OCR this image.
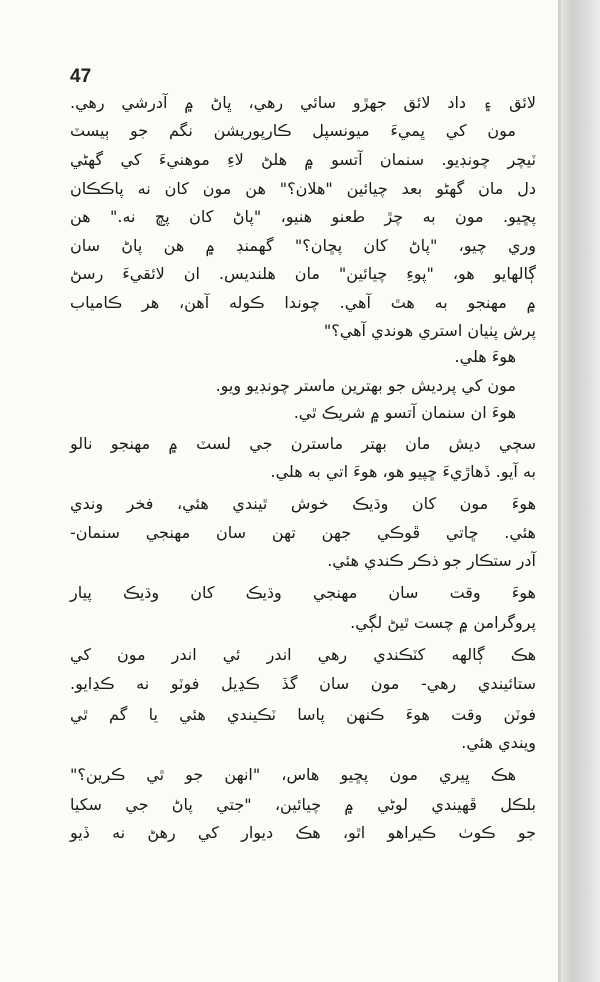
47
لائق ۽ داد لائق جهڙو سائي رهي، ڀاڻ ۾ آدرشي رهي.
مون کي ڀميءَ ميونسپل ڪارپوريشن نگم جو ٻيسٽ
ٽيچر چونڊيو. سنمان آتسو ۾ هلڻ لاءِ موهنيءَ کي گهڻي
دل مان گهڻو بعد چيائين "هلان؟" هن مون کان نه پاڪڪان
پڇيو. مون به چڙ طعنو هنيو، "پاڻ کان پڇ نه." هن
وري چيو، "پاڻ کان پڇان؟" گهمنڊ ۾ هن پاڻ سان
ڳالهايو هو، "پوءِ چيائين" مان هلنديس. ان لائقيءَ رسڻ
۾ مهنجو به هٿ آهي. چوندا ڪوله آهن، هر ڪامياب
پرش پٺيان استري هوندي آهي؟"
هوءَ هلي.
مون کي پرديش جو بهترين ماستر چونڊيو ويو.
هوءَ ان سنمان آتسو ۾ شريڪ ٿي.
سڄي ديش مان بهتر ماسترن جي لسٽ ۾ مهنجو نالو
به آيو. ڏهاڙيءَ ڇپيو هو، هوءَ اتي به هلي.
هوءَ مون کان وڌيڪ خوش ٿيندي هئي، فخر وندي
هئي. ڇاتي ڦوڪي جهن تهن سان مهنجي سنمان-
آدر ستڪار جو ذڪر ڪندي هئي.
هوءَ وقت سان مهنجي وڌيڪ کان وڌيڪ پيار
پروگرامن ۾ چست ٿيڻ لڳي.
هڪ ڳالهه کٽڪندي رهي اندر ئي اندر مون کي
ستائيندي رهي- مون سان گڏ ڪڍيل فوٽو نه ڪڍايو.
فوٽن وقت هوءَ ڪنهن پاسا ٽڪيندي هئي يا گم ٿي
ويندي هئي.
هڪ ڀيري مون پڇيو هاس، "انهن جو ٿي ڪرين؟"
بلڪل ڦهيندي لوڻي ۾ چيائين، "جتي پاڻ جي سکيا
جو ڪوٺ ڪيراهو اٿو، هڪ ديوار کي رهڻ نه ڏيو
